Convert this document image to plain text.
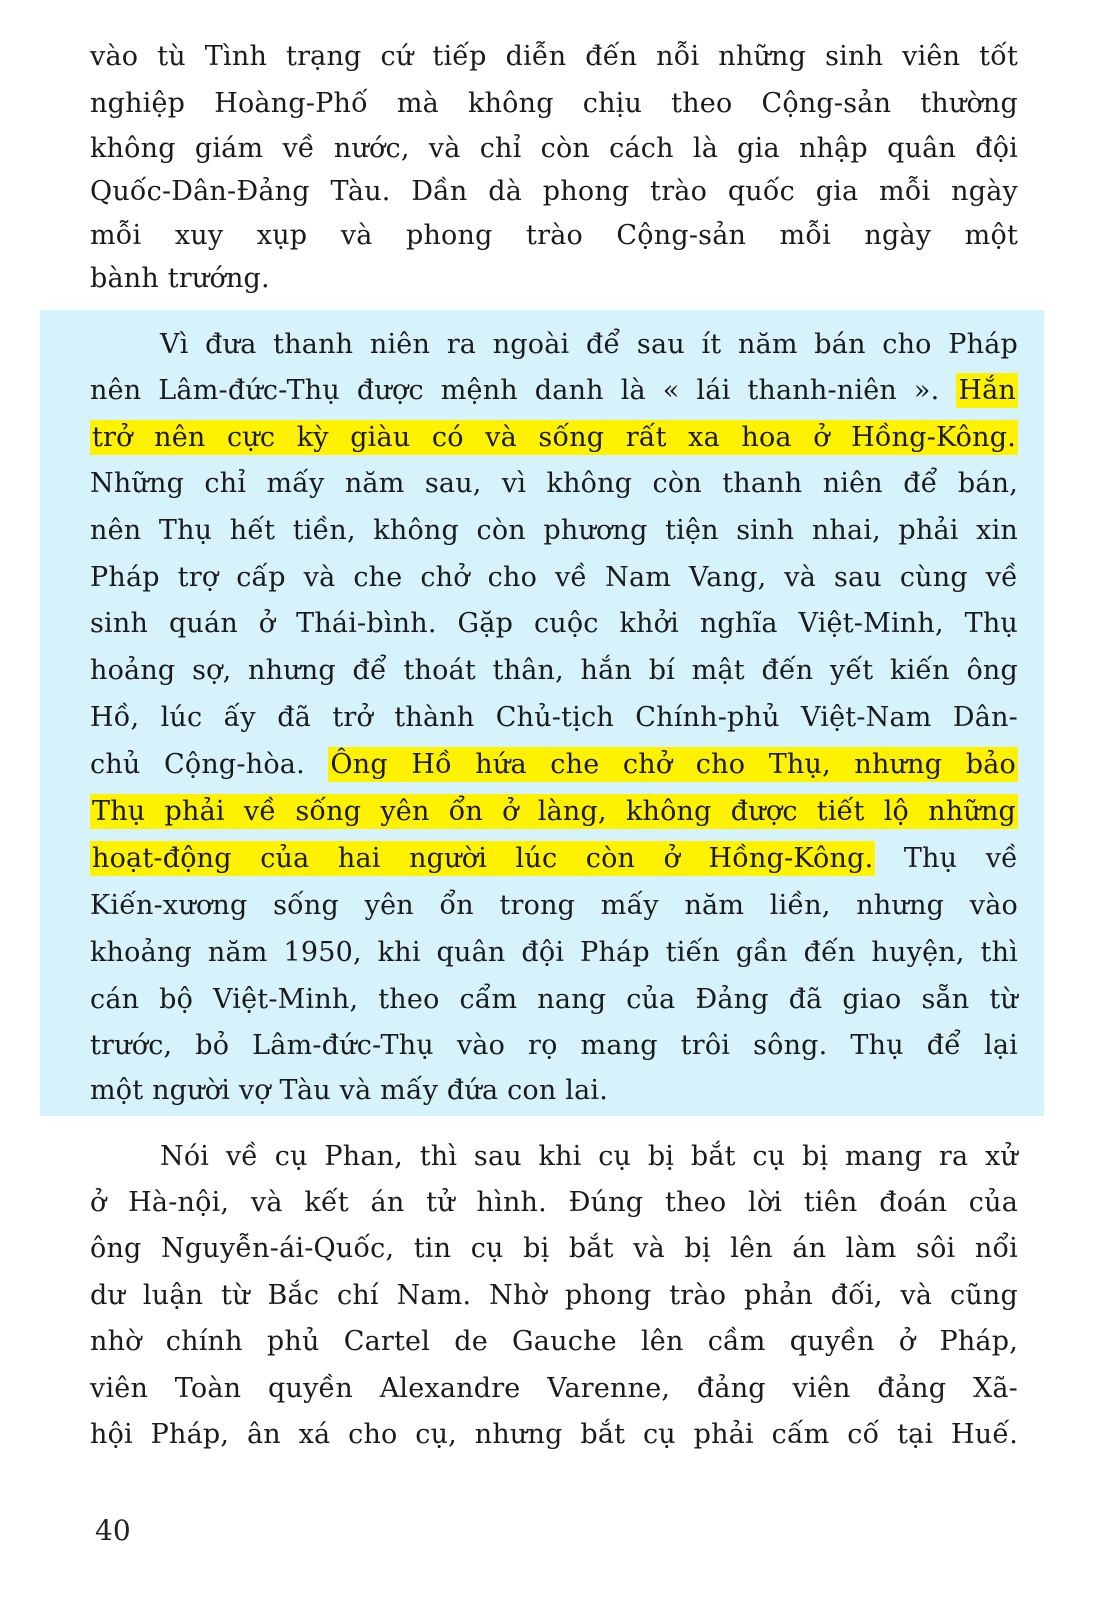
vào tù Tình trạng cứ tiếp diễn đến nỗi những sinh viên tốt
nghiệp Hoàng-Phố mà không chịu theo Cộng-sản thường
không giám về nước, và chỉ còn cách là gia nhập quân đội
Quốc-Dân-Đảng Tàu. Dần dà phong trào quốc gia mỗi ngày
mỗi xuy xụp và phong trào Cộng-sản mỗi ngày một
bành trướng.
Vì đưa thanh niên ra ngoài để sau ít năm bán cho Pháp
nên Lâm-đức-Thụ được mệnh danh là « lái thanh-niên ». Hắn
trở nên cực kỳ giàu có và sống rất xa hoa ở Hồng-Kông.
Những chỉ mấy năm sau, vì không còn thanh niên để bán,
nên Thụ hết tiền, không còn phương tiện sinh nhai, phải xin
Pháp trợ cấp và che chở cho về Nam Vang, và sau cùng về
sinh quán ở Thái-bình. Gặp cuộc khởi nghĩa Việt-Minh, Thụ
hoảng sợ, nhưng để thoát thân, hắn bí mật đến yết kiến ông
Hồ, lúc ấy đã trở thành Chủ-tịch Chính-phủ Việt-Nam Dân-
chủ Cộng-hòa. Ông Hồ hứa che chở cho Thụ, nhưng bảo
Thụ phải về sống yên ổn ở làng, không được tiết lộ những
hoạt-động của hai người lúc còn ở Hồng-Kông. Thụ về
Kiến-xương sống yên ổn trong mấy năm liền, nhưng vào
khoảng năm 1950, khi quân đội Pháp tiến gần đến huyện, thì
cán bộ Việt-Minh, theo cẩm nang của Đảng đã giao sẵn từ
trước, bỏ Lâm-đức-Thụ vào rọ mang trôi sông. Thụ để lại
một người vợ Tàu và mấy đứa con lai.
Nói về cụ Phan, thì sau khi cụ bị bắt cụ bị mang ra xử
ở Hà-nội, và kết án tử hình. Đúng theo lời tiên đoán của
ông Nguyễn-ái-Quốc, tin cụ bị bắt và bị lên án làm sôi nổi
dư luận từ Bắc chí Nam. Nhờ phong trào phản đối, và cũng
nhờ chính phủ Cartel de Gauche lên cầm quyền ở Pháp,
viên Toàn quyền Alexandre Varenne, đảng viên đảng Xã-
hội Pháp, ân xá cho cụ, nhưng bắt cụ phải cấm cố tại Huế.
40
